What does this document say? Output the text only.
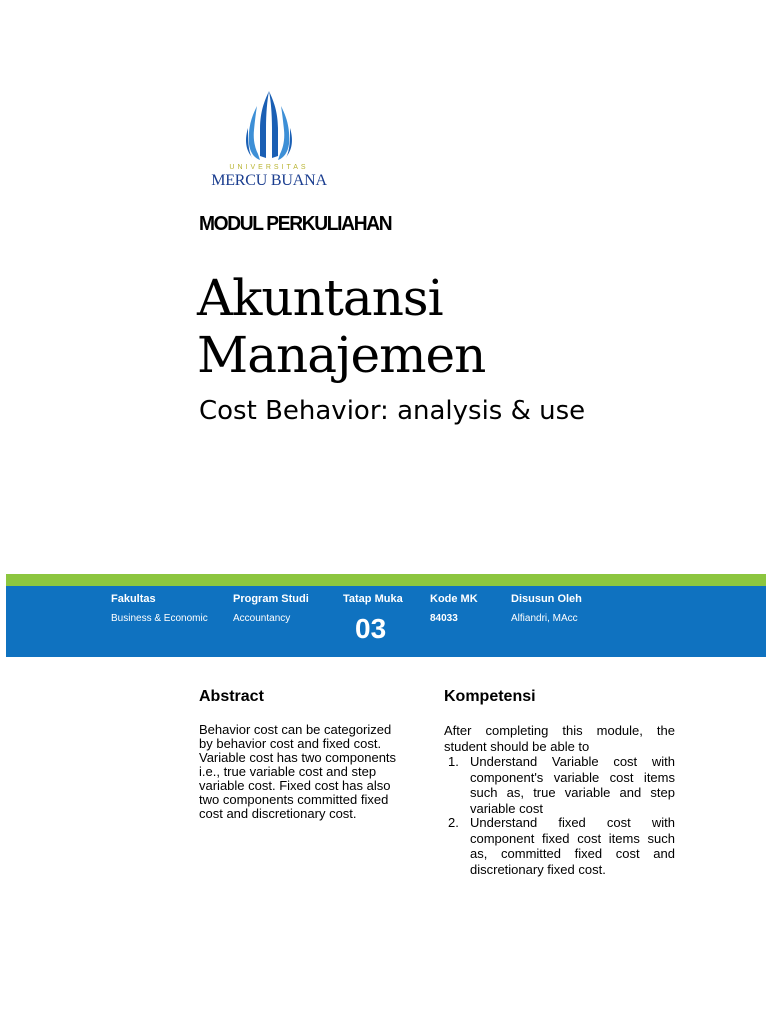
UNIVERSITAS
MERCU BUANA
MODUL PERKULIAHAN
Akuntansi
Manajemen
Cost Behavior: analysis & use
Fakultas
Business & Economic
Program Studi
Accountancy
Tatap Muka
03
Kode MK
84033
Disusun Oleh
Alfiandri, MAcc
Abstract
Behavior cost can be categorized
by behavior cost and fixed cost.
Variable cost has two components
i.e., true variable cost and step
variable cost. Fixed cost has also
two components committed fixed
cost and discretionary cost.
Kompetensi
After completing this module, the student should be able to
1. Understand Variable cost with component's variable cost items such as, true variable and step variable cost
2. Understand fixed cost with component fixed cost items such as, committed fixed cost and discretionary fixed cost.
